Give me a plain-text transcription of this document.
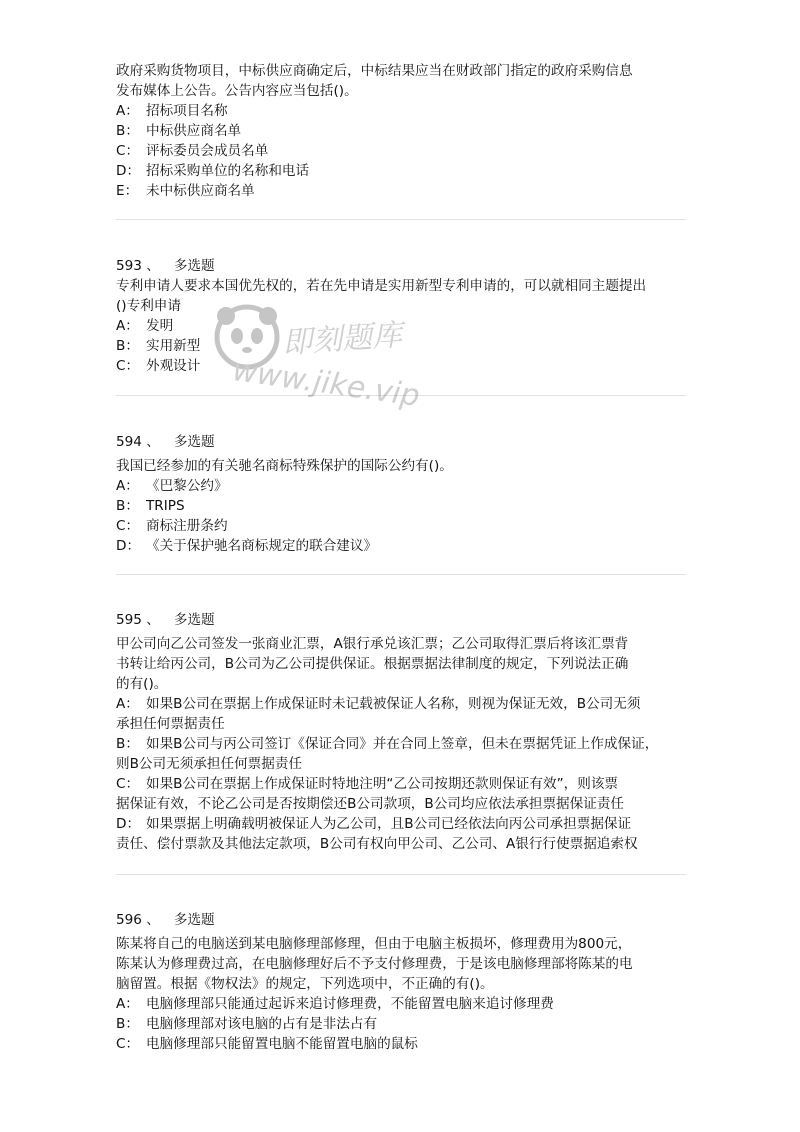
政府采购货物项目，中标供应商确定后，中标结果应当在财政部门指定的政府采购信息
发布媒体上公告。公告内容应当包括()。
A： 招标项目名称
B： 中标供应商名单
C： 评标委员会成员名单
D： 招标采购单位的名称和电话
E： 未中标供应商名单
593 、 多选题
专利申请人要求本国优先权的，若在先申请是实用新型专利申请的，可以就相同主题提出
()专利申请
A： 发明
B： 实用新型
C： 外观设计
即刻题库
www.jike.vip
594 、 多选题
我国已经参加的有关驰名商标特殊保护的国际公约有()。
A： 《巴黎公约》
B： TRIPS
C： 商标注册条约
D： 《关于保护驰名商标规定的联合建议》
595 、 多选题
甲公司向乙公司签发一张商业汇票，A银行承兑该汇票；乙公司取得汇票后将该汇票背
书转让给丙公司，B公司为乙公司提供保证。根据票据法律制度的规定，下列说法正确
的有()。
A： 如果B公司在票据上作成保证时未记载被保证人名称，则视为保证无效，B公司无须
承担任何票据责任
B： 如果B公司与丙公司签订《保证合同》并在合同上签章，但未在票据凭证上作成保证，
则B公司无须承担任何票据责任
C： 如果B公司在票据上作成保证时特地注明“乙公司按期还款则保证有效”，则该票
据保证有效，不论乙公司是否按期偿还B公司款项，B公司均应依法承担票据保证责任
D： 如果票据上明确载明被保证人为乙公司，且B公司已经依法向丙公司承担票据保证
责任、偿付票款及其他法定款项，B公司有权向甲公司、乙公司、A银行行使票据追索权
596 、 多选题
陈某将自己的电脑送到某电脑修理部修理，但由于电脑主板损坏，修理费用为800元，
陈某认为修理费过高，在电脑修理好后不予支付修理费，于是该电脑修理部将陈某的电
脑留置。根据《物权法》的规定，下列选项中，不正确的有()。
A： 电脑修理部只能通过起诉来追讨修理费，不能留置电脑来追讨修理费
B： 电脑修理部对该电脑的占有是非法占有
C： 电脑修理部只能留置电脑不能留置电脑的鼠标
